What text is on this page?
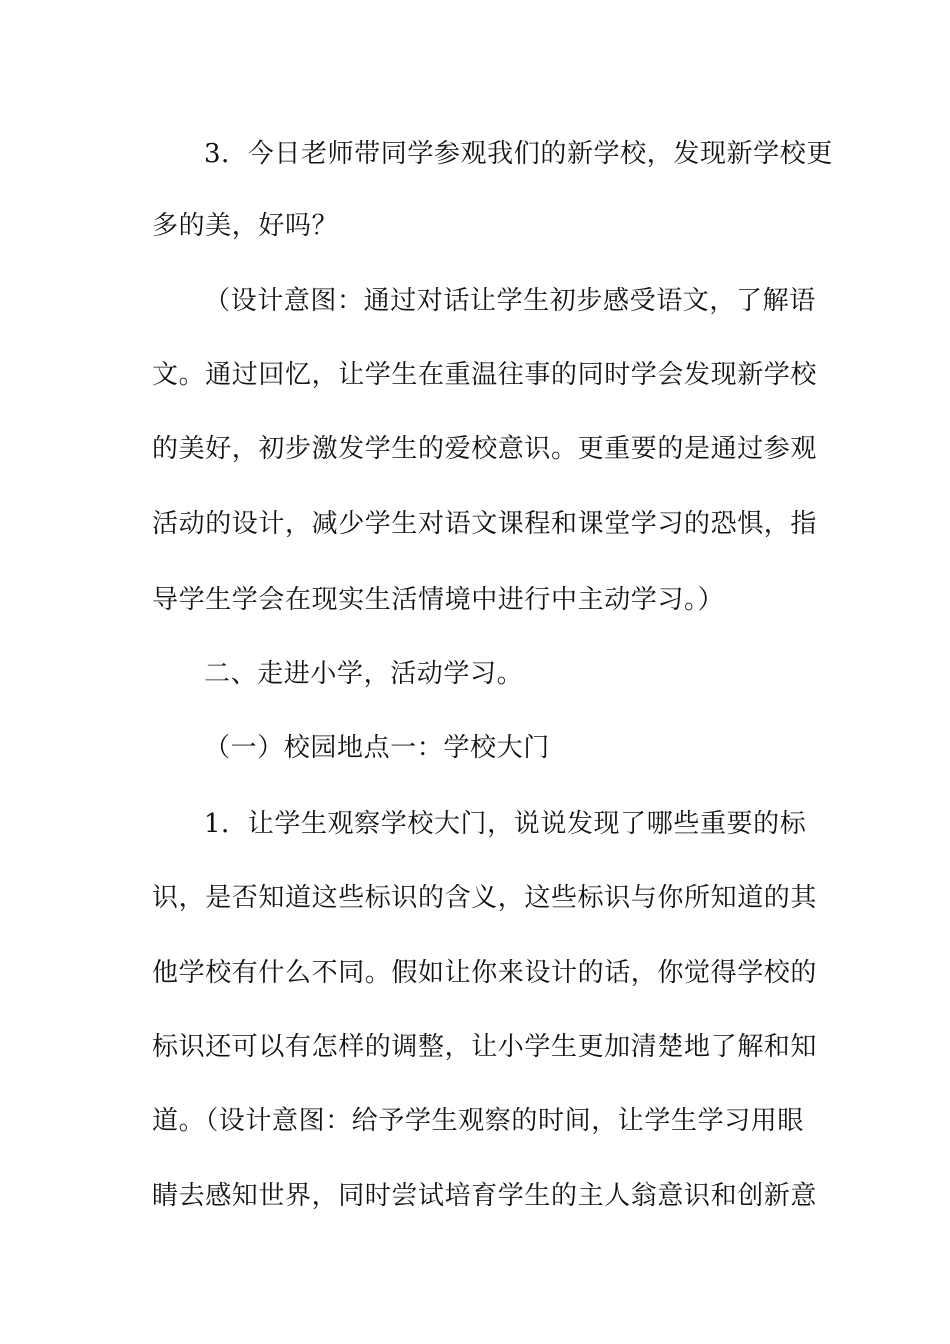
3．今日老师带同学参观我们的新学校，发现新学校更
多的美，好吗？
（设计意图：通过对话让学生初步感受语文，了解语
文。通过回忆，让学生在重温往事的同时学会发现新学校
的美好，初步激发学生的爱校意识。更重要的是通过参观
活动的设计，减少学生对语文课程和课堂学习的恐惧，指
导学生学会在现实生活情境中进行中主动学习。）
二、走进小学，活动学习。
（一）校园地点一：学校大门
1．让学生观察学校大门，说说发现了哪些重要的标
识，是否知道这些标识的含义，这些标识与你所知道的其
他学校有什么不同。假如让你来设计的话，你觉得学校的
标识还可以有怎样的调整，让小学生更加清楚地了解和知
道。（设计意图：给予学生观察的时间，让学生学习用眼
睛去感知世界，同时尝试培育学生的主人翁意识和创新意
